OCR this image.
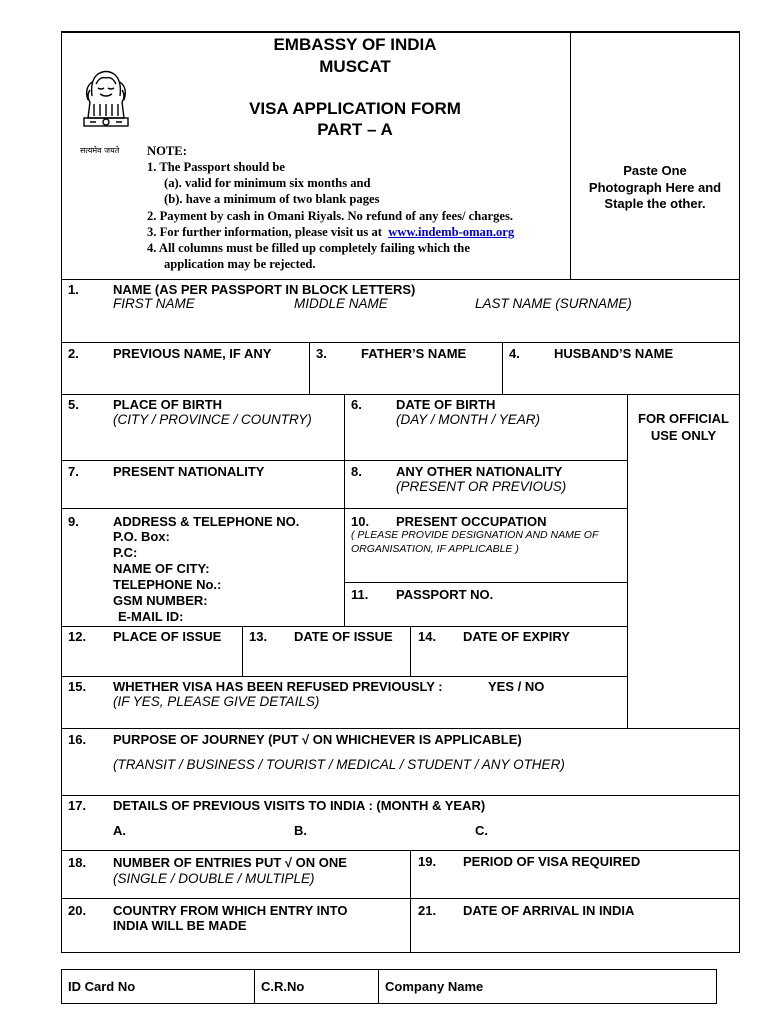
EMBASSY OF INDIA
MUSCAT
VISA APPLICATION FORM
PART – A
सत्यमेव जयते NOTE:
1. The Passport should be
(a). valid for minimum six months and
(b). have a minimum of two blank pages
2. Payment by cash in Omani Riyals. No refund of any fees/ charges.
3. For further information, please visit us at www.indemb-oman.org
4. All columns must be filled up completely failing which the
application may be rejected.
Paste One
Photograph Here and
Staple the other.
FOR OFFICIAL
USE ONLY
1.	NAME (AS PER PASSPORT IN BLOCK LETTERS)
FIRST NAME	MIDDLE NAME	LAST NAME (SURNAME)
2.	PREVIOUS NAME, IF ANY	3.	FATHER’S NAME	4.	HUSBAND’S NAME
5.	PLACE OF BIRTH
(CITY / PROVINCE / COUNTRY)
6.	DATE OF BIRTH
(DAY / MONTH / YEAR)
7.	PRESENT NATIONALITY	8.	ANY OTHER NATIONALITY
(PRESENT OR PREVIOUS)
9.	ADDRESS & TELEPHONE NO.
P.O. Box:
P.C:
NAME OF CITY:
TELEPHONE No.:
GSM NUMBER:
E-MAIL ID:
10. PRESENT OCCUPATION
( PLEASE PROVIDE DESIGNATION AND NAME OF
ORGANISATION, IF APPLICABLE )
11. PASSPORT NO.
12. PLACE OF ISSUE 13. DATE OF ISSUE 14. DATE OF EXPIRY
15. WHETHER VISA HAS BEEN REFUSED PREVIOUSLY :	YES / NO
(IF YES, PLEASE GIVE DETAILS)
16. PURPOSE OF JOURNEY (PUT √ ON WHICHEVER IS APPLICABLE)
(TRANSIT / BUSINESS / TOURIST / MEDICAL / STUDENT / ANY OTHER)
17. DETAILS OF PREVIOUS VISITS TO INDIA : (MONTH & YEAR)
A.	B.	C.
18. NUMBER OF ENTRIES PUT √ ON ONE
(SINGLE / DOUBLE / MULTIPLE)
19. PERIOD OF VISA REQUIRED
20. COUNTRY FROM WHICH ENTRY INTO
INDIA WILL BE MADE
21. DATE OF ARRIVAL IN INDIA
ID Card No	C.R.No	Company Name
